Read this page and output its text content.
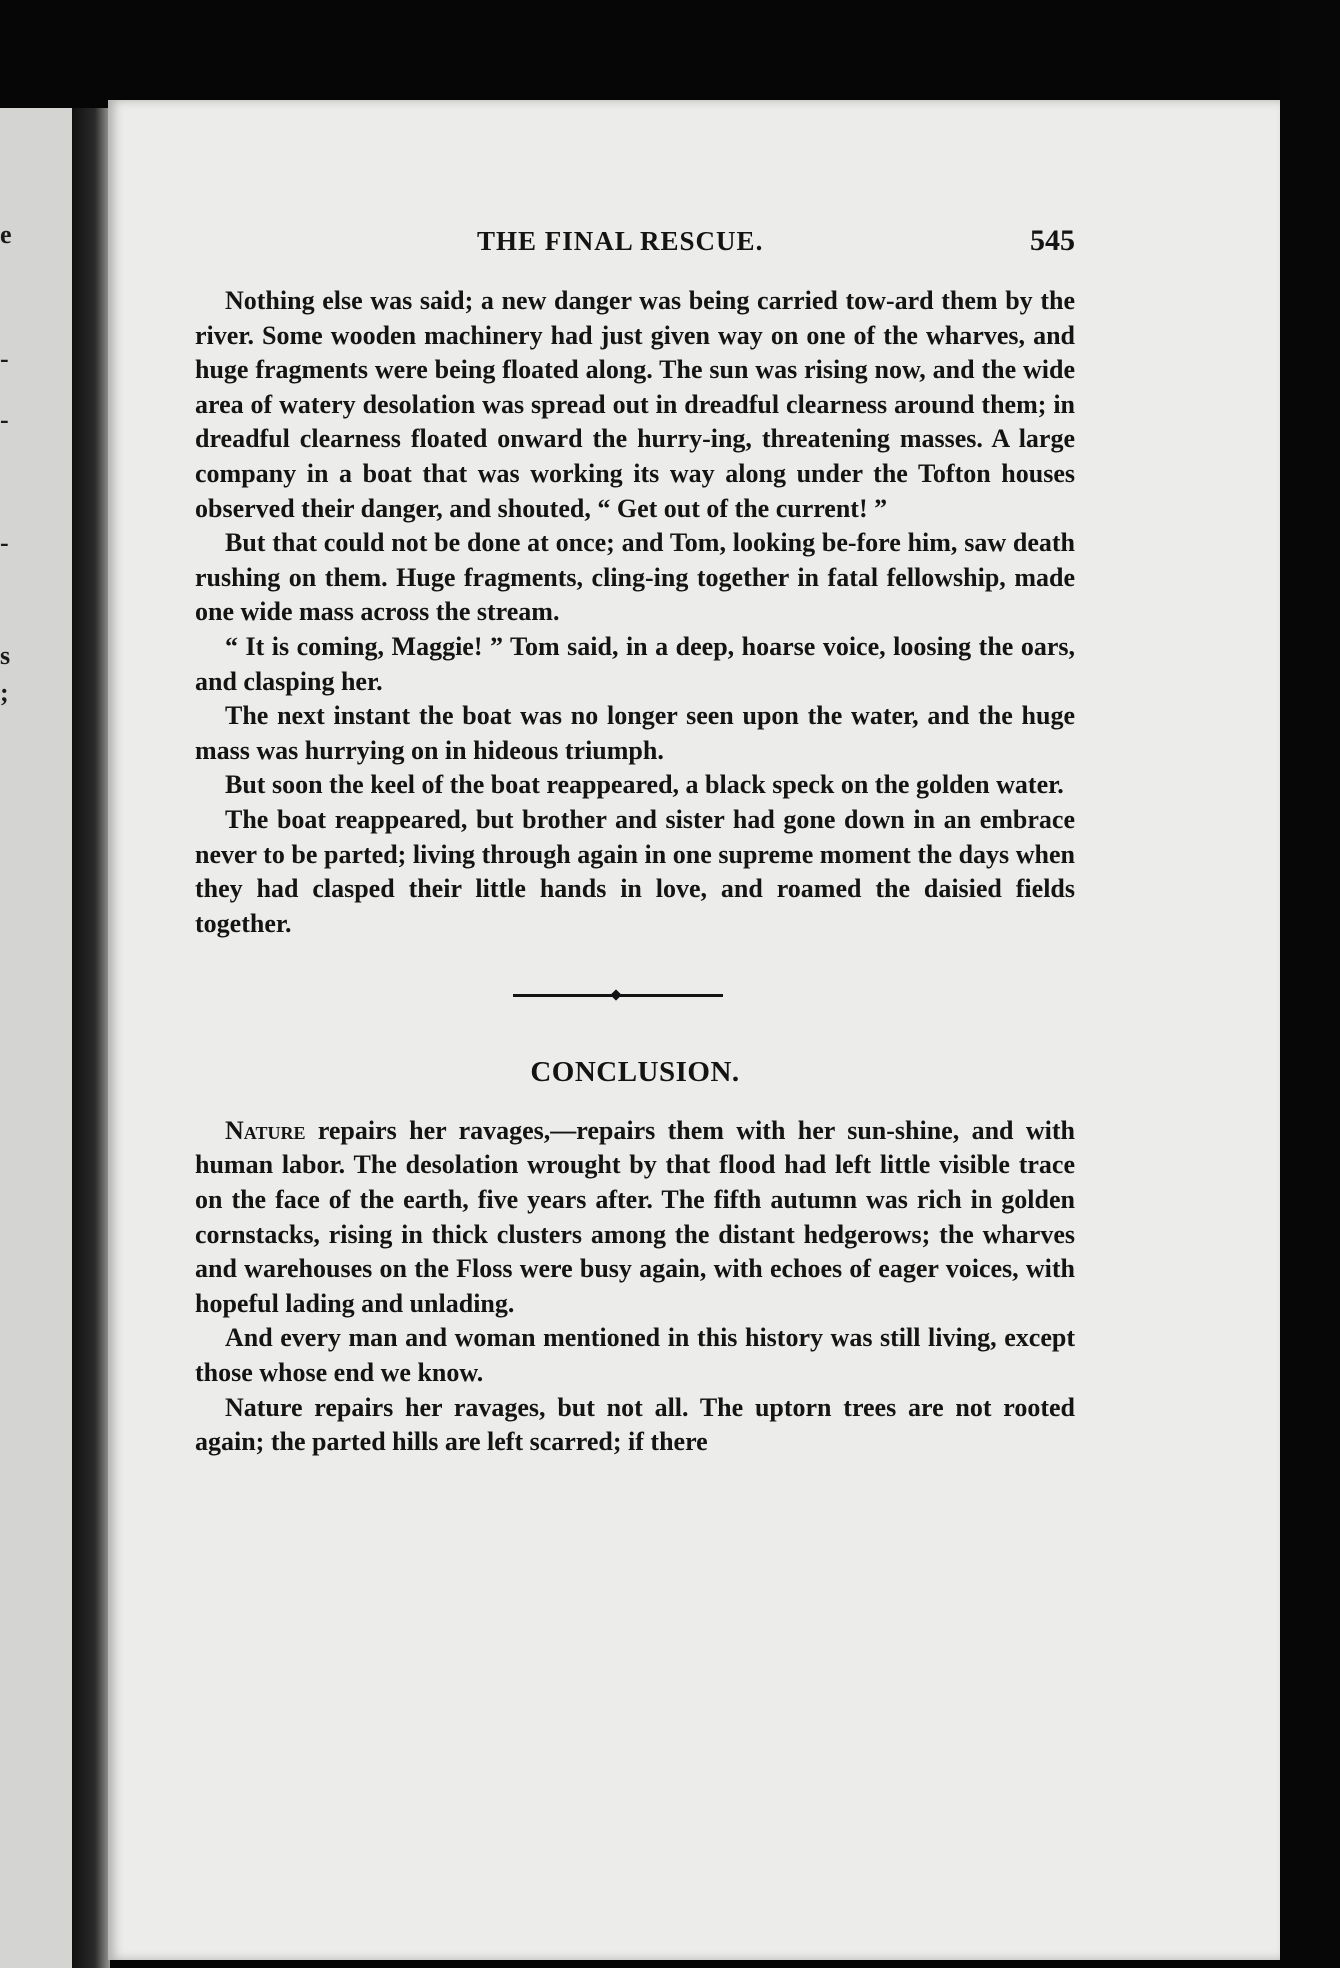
e
-
-
-
s
;
THE FINAL RESCUE.	545

Nothing else was said; a new danger was being carried tow-ard them by the river. Some wooden machinery had just given way on one of the wharves, and huge fragments were being floated along. The sun was rising now, and the wide area of watery desolation was spread out in dreadful clearness around them; in dreadful clearness floated onward the hurry-ing, threatening masses. A large company in a boat that was working its way along under the Tofton houses observed their danger, and shouted, “ Get out of the current! ”

But that could not be done at once; and Tom, looking be-fore him, saw death rushing on them. Huge fragments, cling-ing together in fatal fellowship, made one wide mass across the stream.

“ It is coming, Maggie! ” Tom said, in a deep, hoarse voice, loosing the oars, and clasping her.

The next instant the boat was no longer seen upon the water, and the huge mass was hurrying on in hideous triumph.

But soon the keel of the boat reappeared, a black speck on the golden water.

The boat reappeared, but brother and sister had gone down in an embrace never to be parted; living through again in one supreme moment the days when they had clasped their little hands in love, and roamed the daisied fields together.

CONCLUSION.

Nature repairs her ravages,—repairs them with her sun-shine, and with human labor. The desolation wrought by that flood had left little visible trace on the face of the earth, five years after. The fifth autumn was rich in golden cornstacks, rising in thick clusters among the distant hedgerows; the wharves and warehouses on the Floss were busy again, with echoes of eager voices, with hopeful lading and unlading.

And every man and woman mentioned in this history was still living, except those whose end we know.

Nature repairs her ravages, but not all. The uptorn trees are not rooted again; the parted hills are left scarred; if there
